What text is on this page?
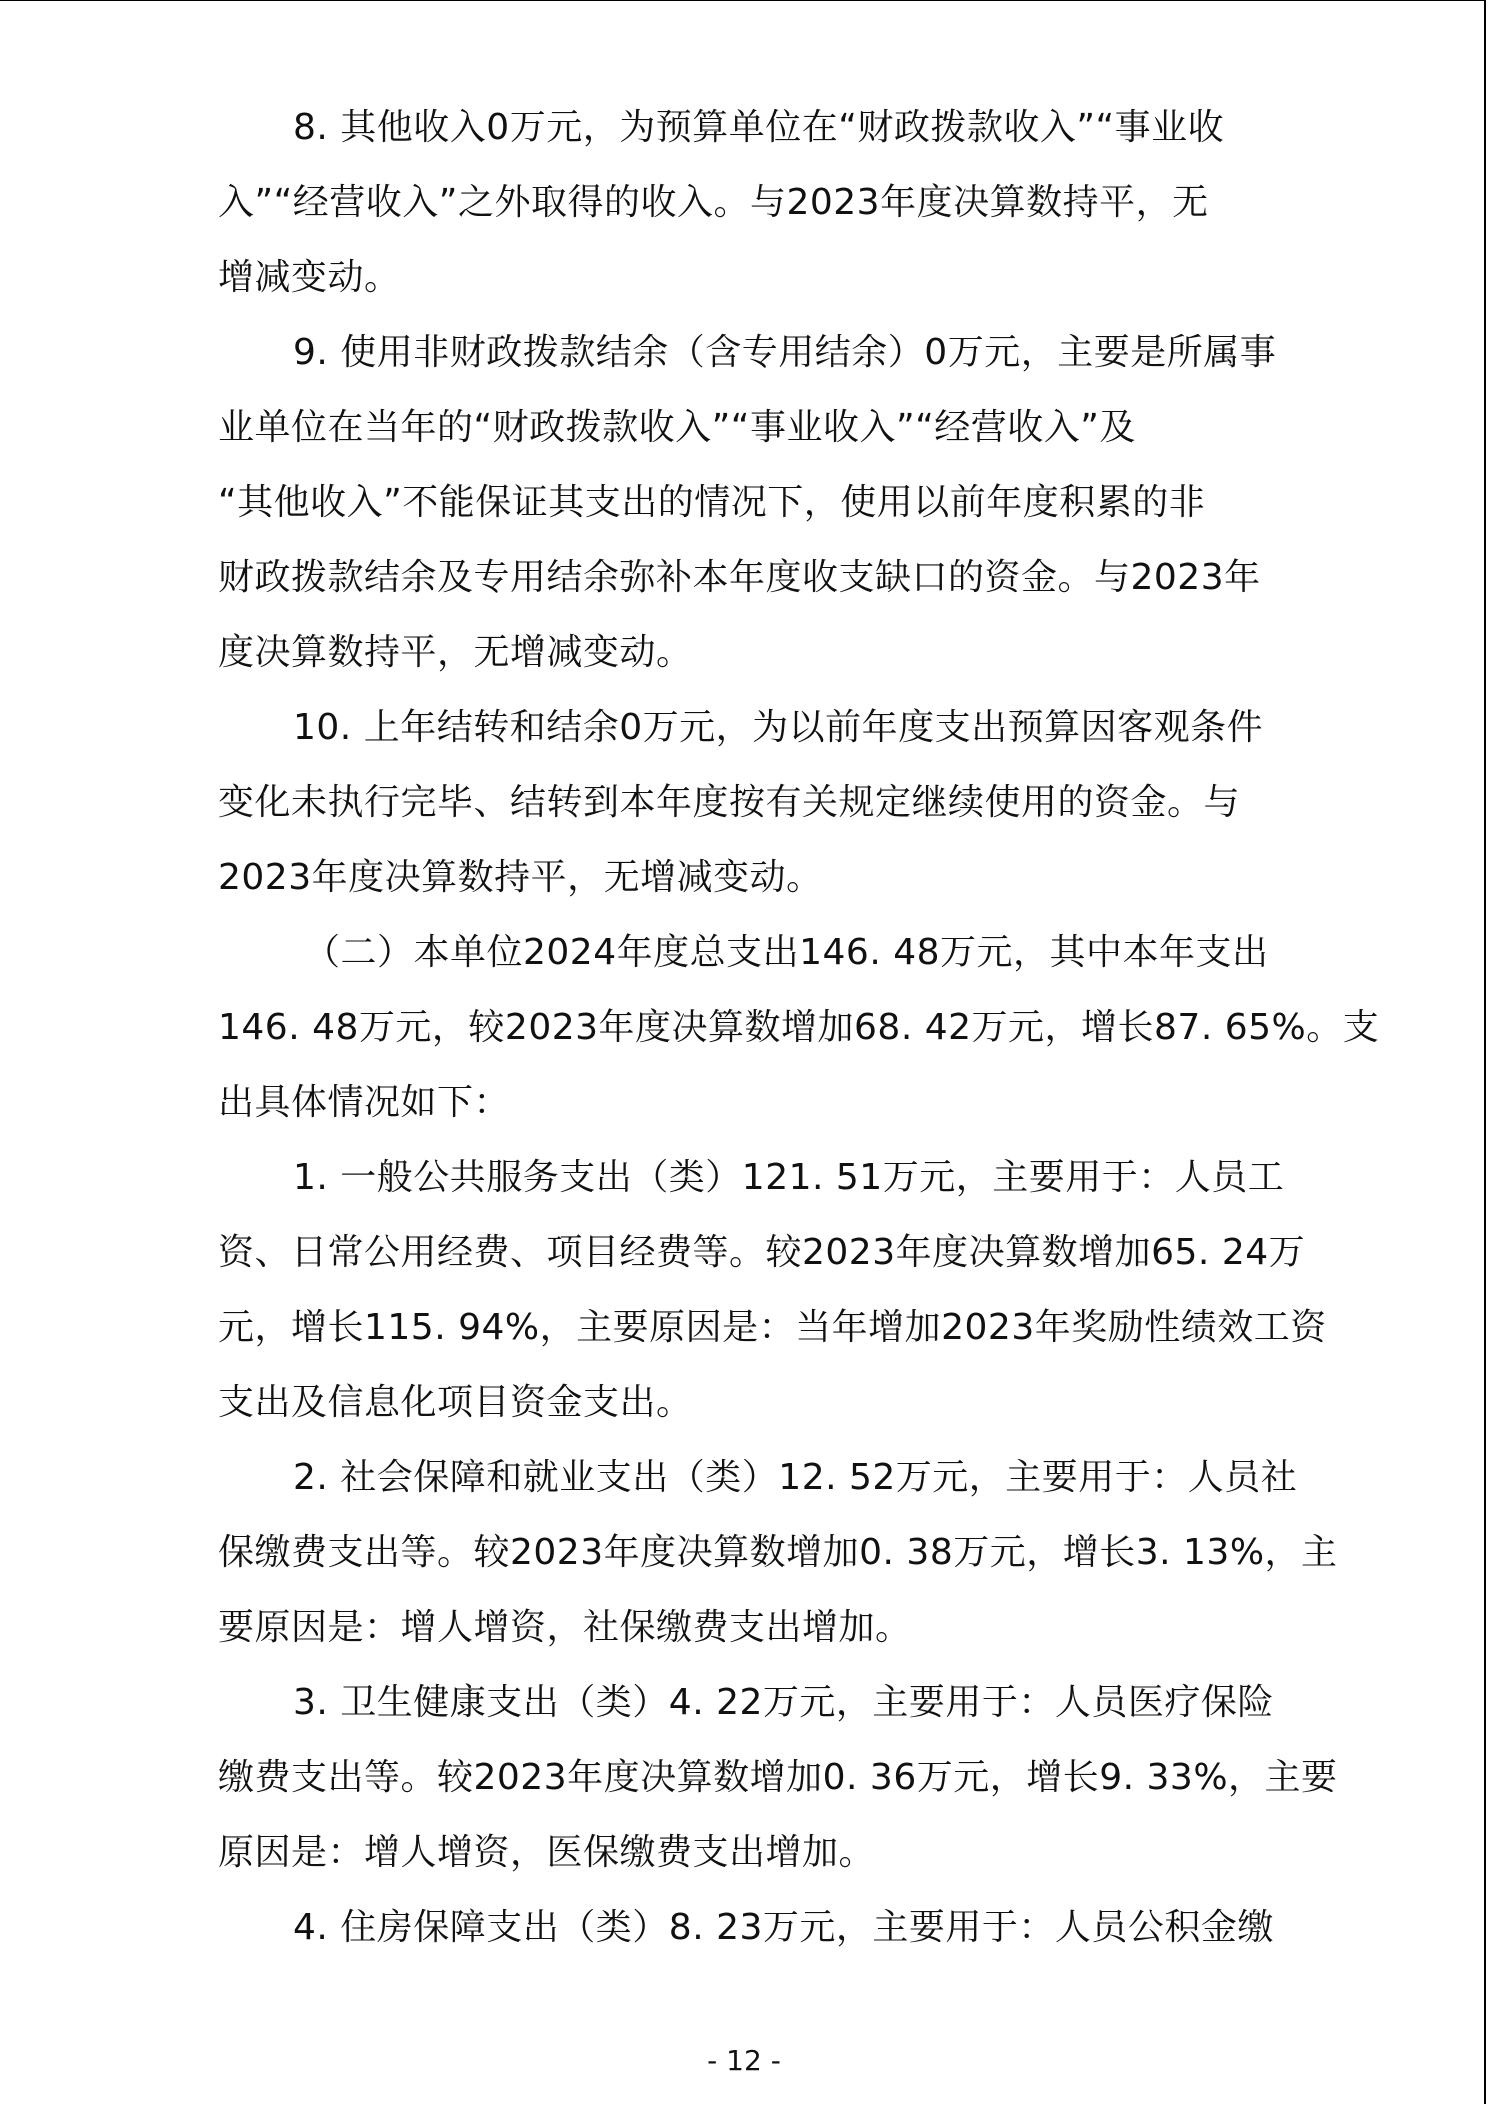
8. 其他收入0万元，为预算单位在“财政拨款收入”“事业收
入”“经营收入”之外取得的收入。与2023年度决算数持平，无
增减变动。
9. 使用非财政拨款结余（含专用结余）0万元，主要是所属事
业单位在当年的“财政拨款收入”“事业收入”“经营收入”及
“其他收入”不能保证其支出的情况下，使用以前年度积累的非
财政拨款结余及专用结余弥补本年度收支缺口的资金。与2023年
度决算数持平，无增减变动。
10. 上年结转和结余0万元，为以前年度支出预算因客观条件
变化未执行完毕、结转到本年度按有关规定继续使用的资金。与
2023年度决算数持平，无增减变动。
（二）本单位2024年度总支出146. 48万元，其中本年支出
146. 48万元，较2023年度决算数增加68. 42万元，增长87. 65%。支
出具体情况如下：
1. 一般公共服务支出（类）121. 51万元，主要用于：人员工
资、日常公用经费、项目经费等。较2023年度决算数增加65. 24万
元，增长115. 94%，主要原因是：当年增加2023年奖励性绩效工资
支出及信息化项目资金支出。
2. 社会保障和就业支出（类）12. 52万元，主要用于：人员社
保缴费支出等。较2023年度决算数增加0. 38万元，增长3. 13%，主
要原因是：增人增资，社保缴费支出增加。
3. 卫生健康支出（类）4. 22万元，主要用于：人员医疗保险
缴费支出等。较2023年度决算数增加0. 36万元，增长9. 33%，主要
原因是：增人增资，医保缴费支出增加。
4. 住房保障支出（类）8. 23万元，主要用于：人员公积金缴
- 12 -
